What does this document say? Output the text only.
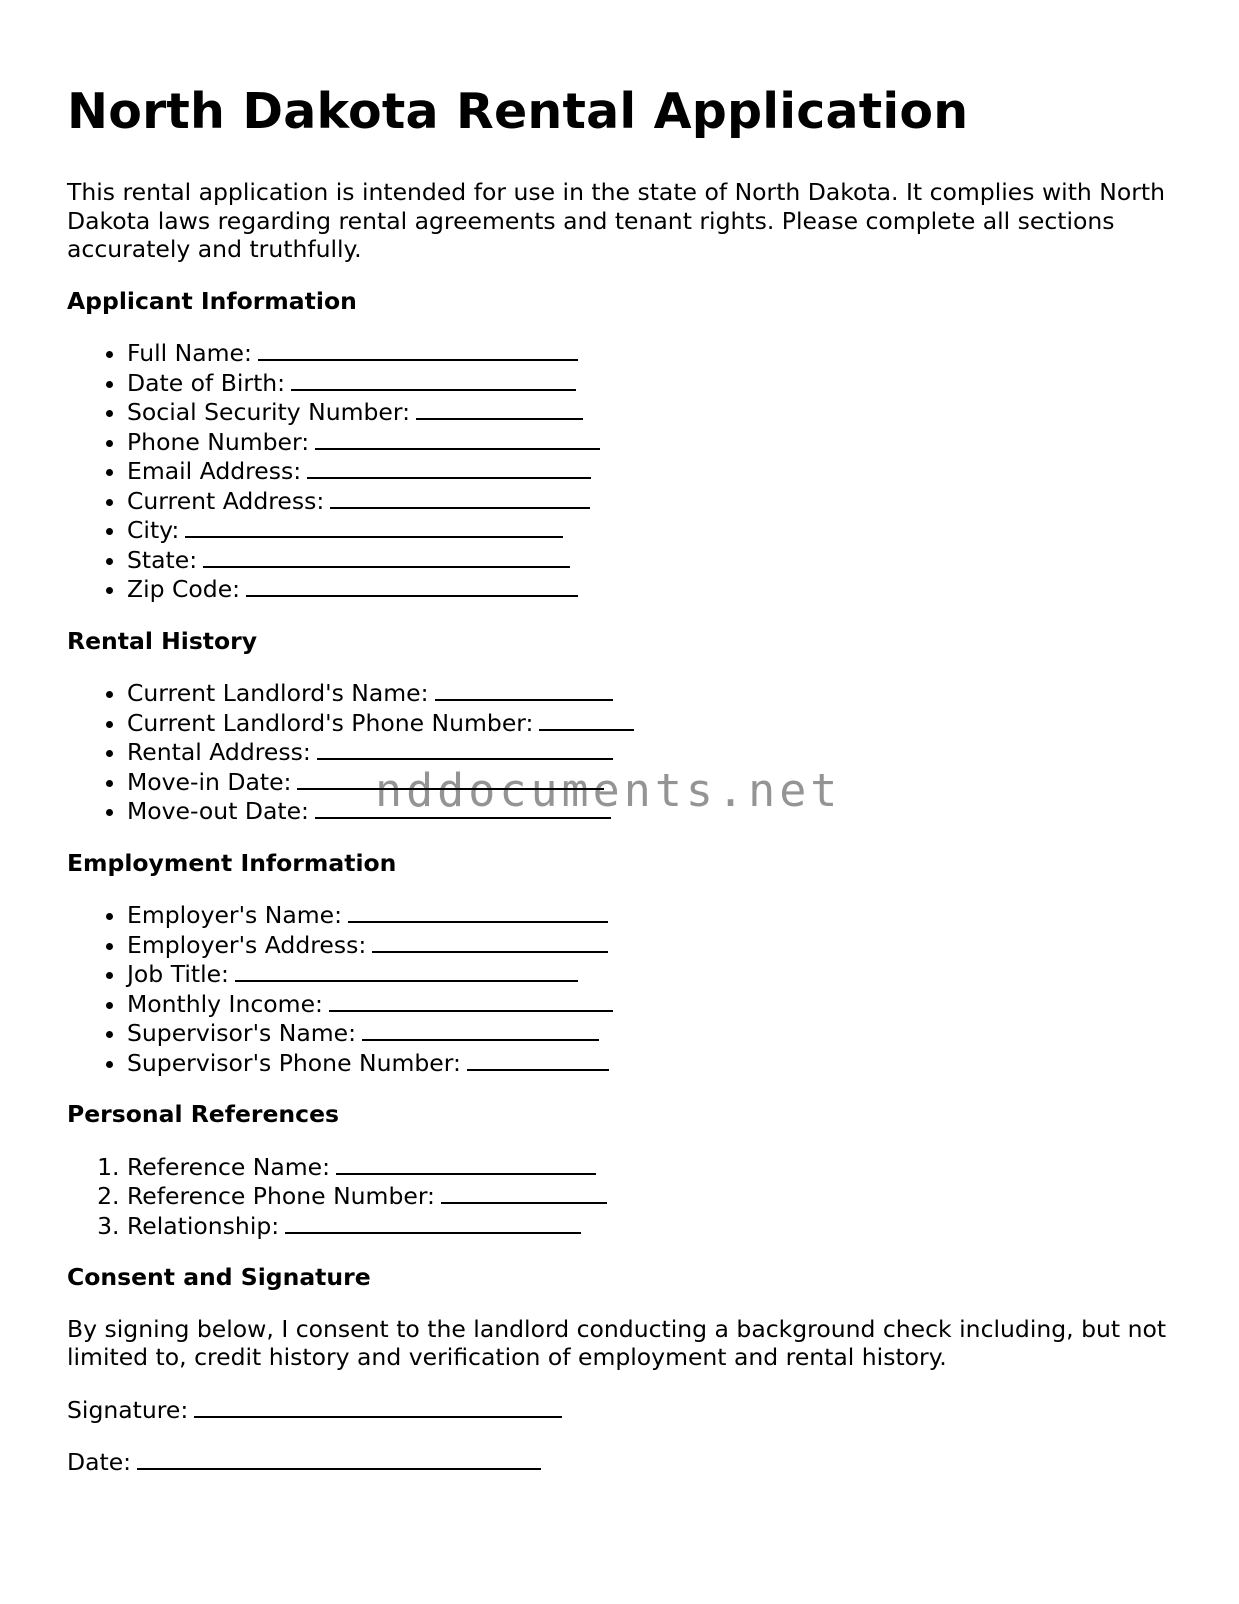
North Dakota Rental Application

This rental application is intended for use in the state of North Dakota. It complies with North Dakota laws regarding rental agreements and tenant rights. Please complete all sections accurately and truthfully.

Applicant Information
• Full Name:
• Date of Birth:
• Social Security Number:
• Phone Number:
• Email Address:
• Current Address:
• City:
• State:
• Zip Code:
Rental History
• Current Landlord's Name:
• Current Landlord's Phone Number:
• Rental Address:
• Move-in Date:
• Move-out Date:
Employment Information
• Employer's Name:
• Employer's Address:
• Job Title:
• Monthly Income:
• Supervisor's Name:
• Supervisor's Phone Number:
Personal References
1. Reference Name:
2. Reference Phone Number:
3. Relationship:
Consent and Signature

By signing below, I consent to the landlord conducting a background check including, but not limited to, credit history and verification of employment and rental history.

Signature:

Date:

nddocuments.net
